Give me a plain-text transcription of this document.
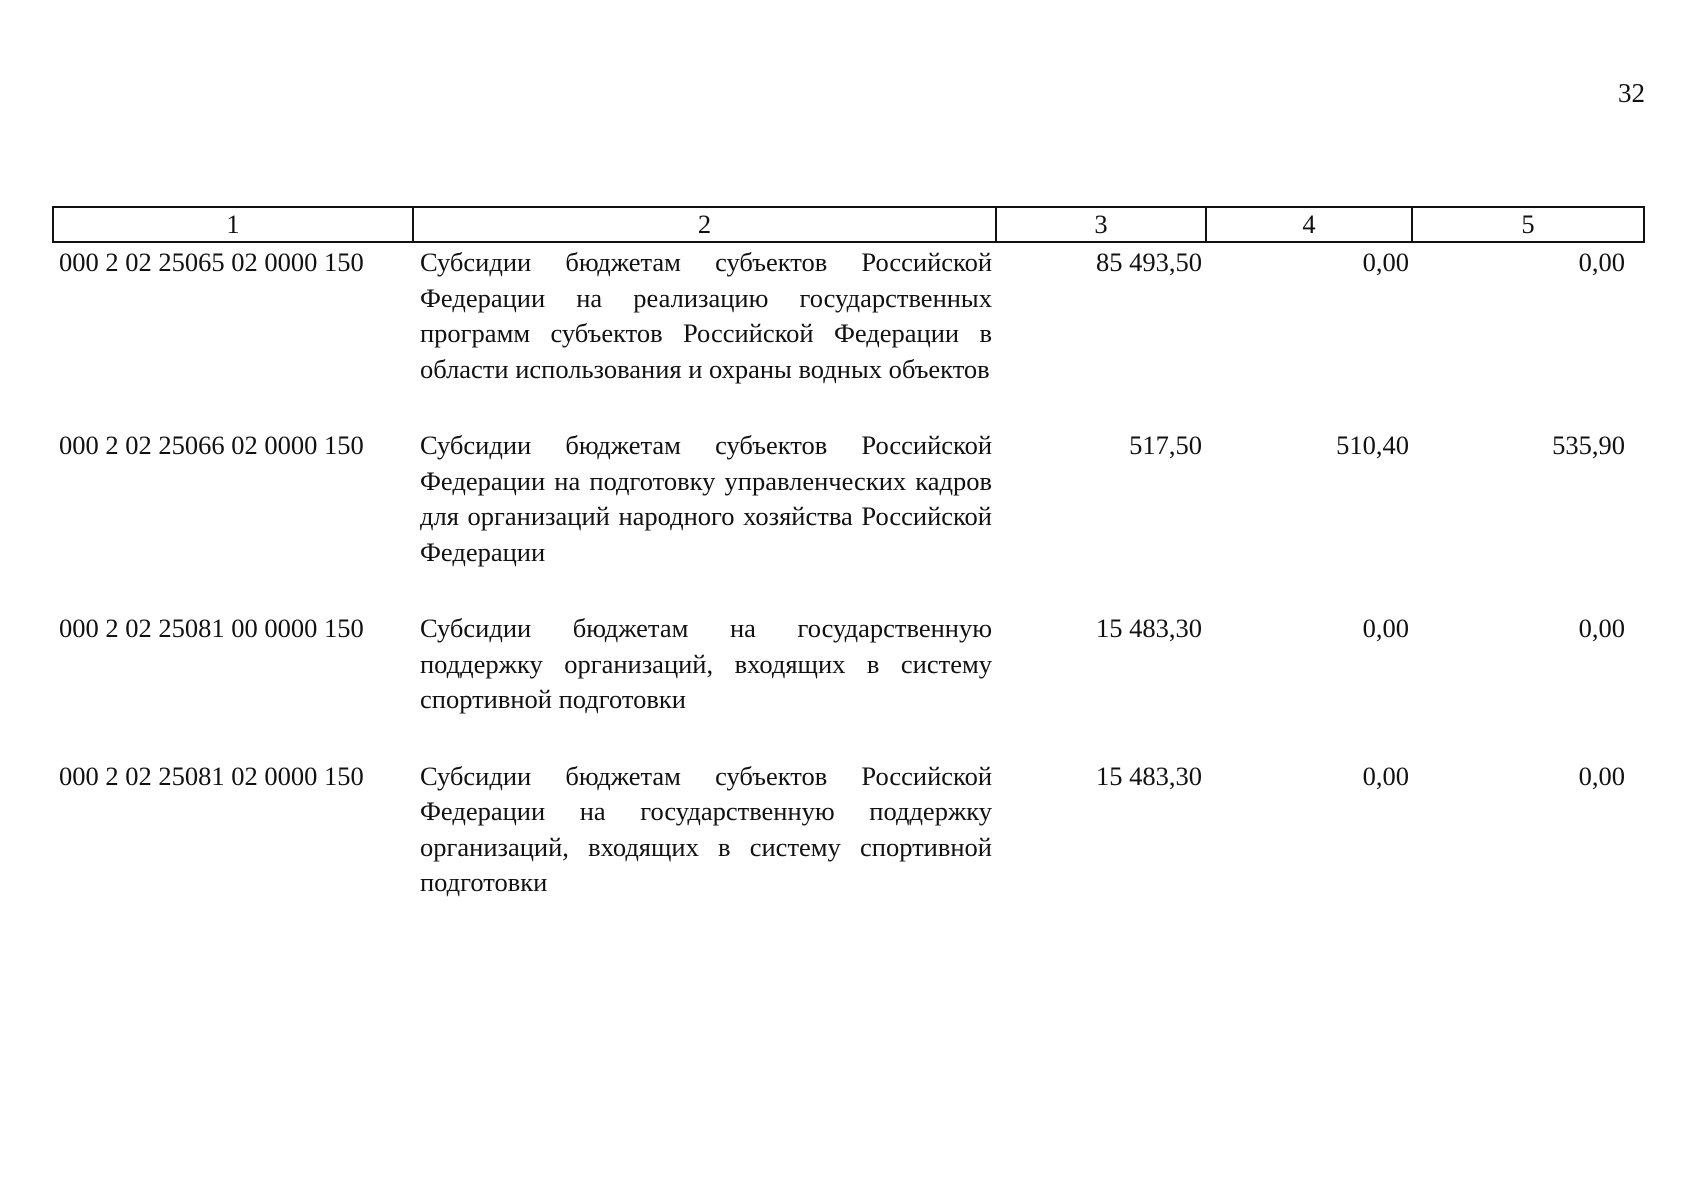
32
1	2	3	4	5
000 2 02 25065 02 0000 150	Субсидии бюджетам субъектов Российской Федерации на реализацию государственных программ субъектов Российской Федерации в области использования и охраны водных объектов	85 493,50	0,00	0,00
000 2 02 25066 02 0000 150	Субсидии бюджетам субъектов Российской Федерации на подготовку управленческих кадров для организаций народного хозяйства Российской Федерации	517,50	510,40	535,90
000 2 02 25081 00 0000 150	Субсидии бюджетам на государственную поддержку организаций, входящих в систему спортивной подготовки	15 483,30	0,00	0,00
000 2 02 25081 02 0000 150	Субсидии бюджетам субъектов Российской Федерации на государственную поддержку организаций, входящих в систему спортивной подготовки	15 483,30	0,00	0,00
